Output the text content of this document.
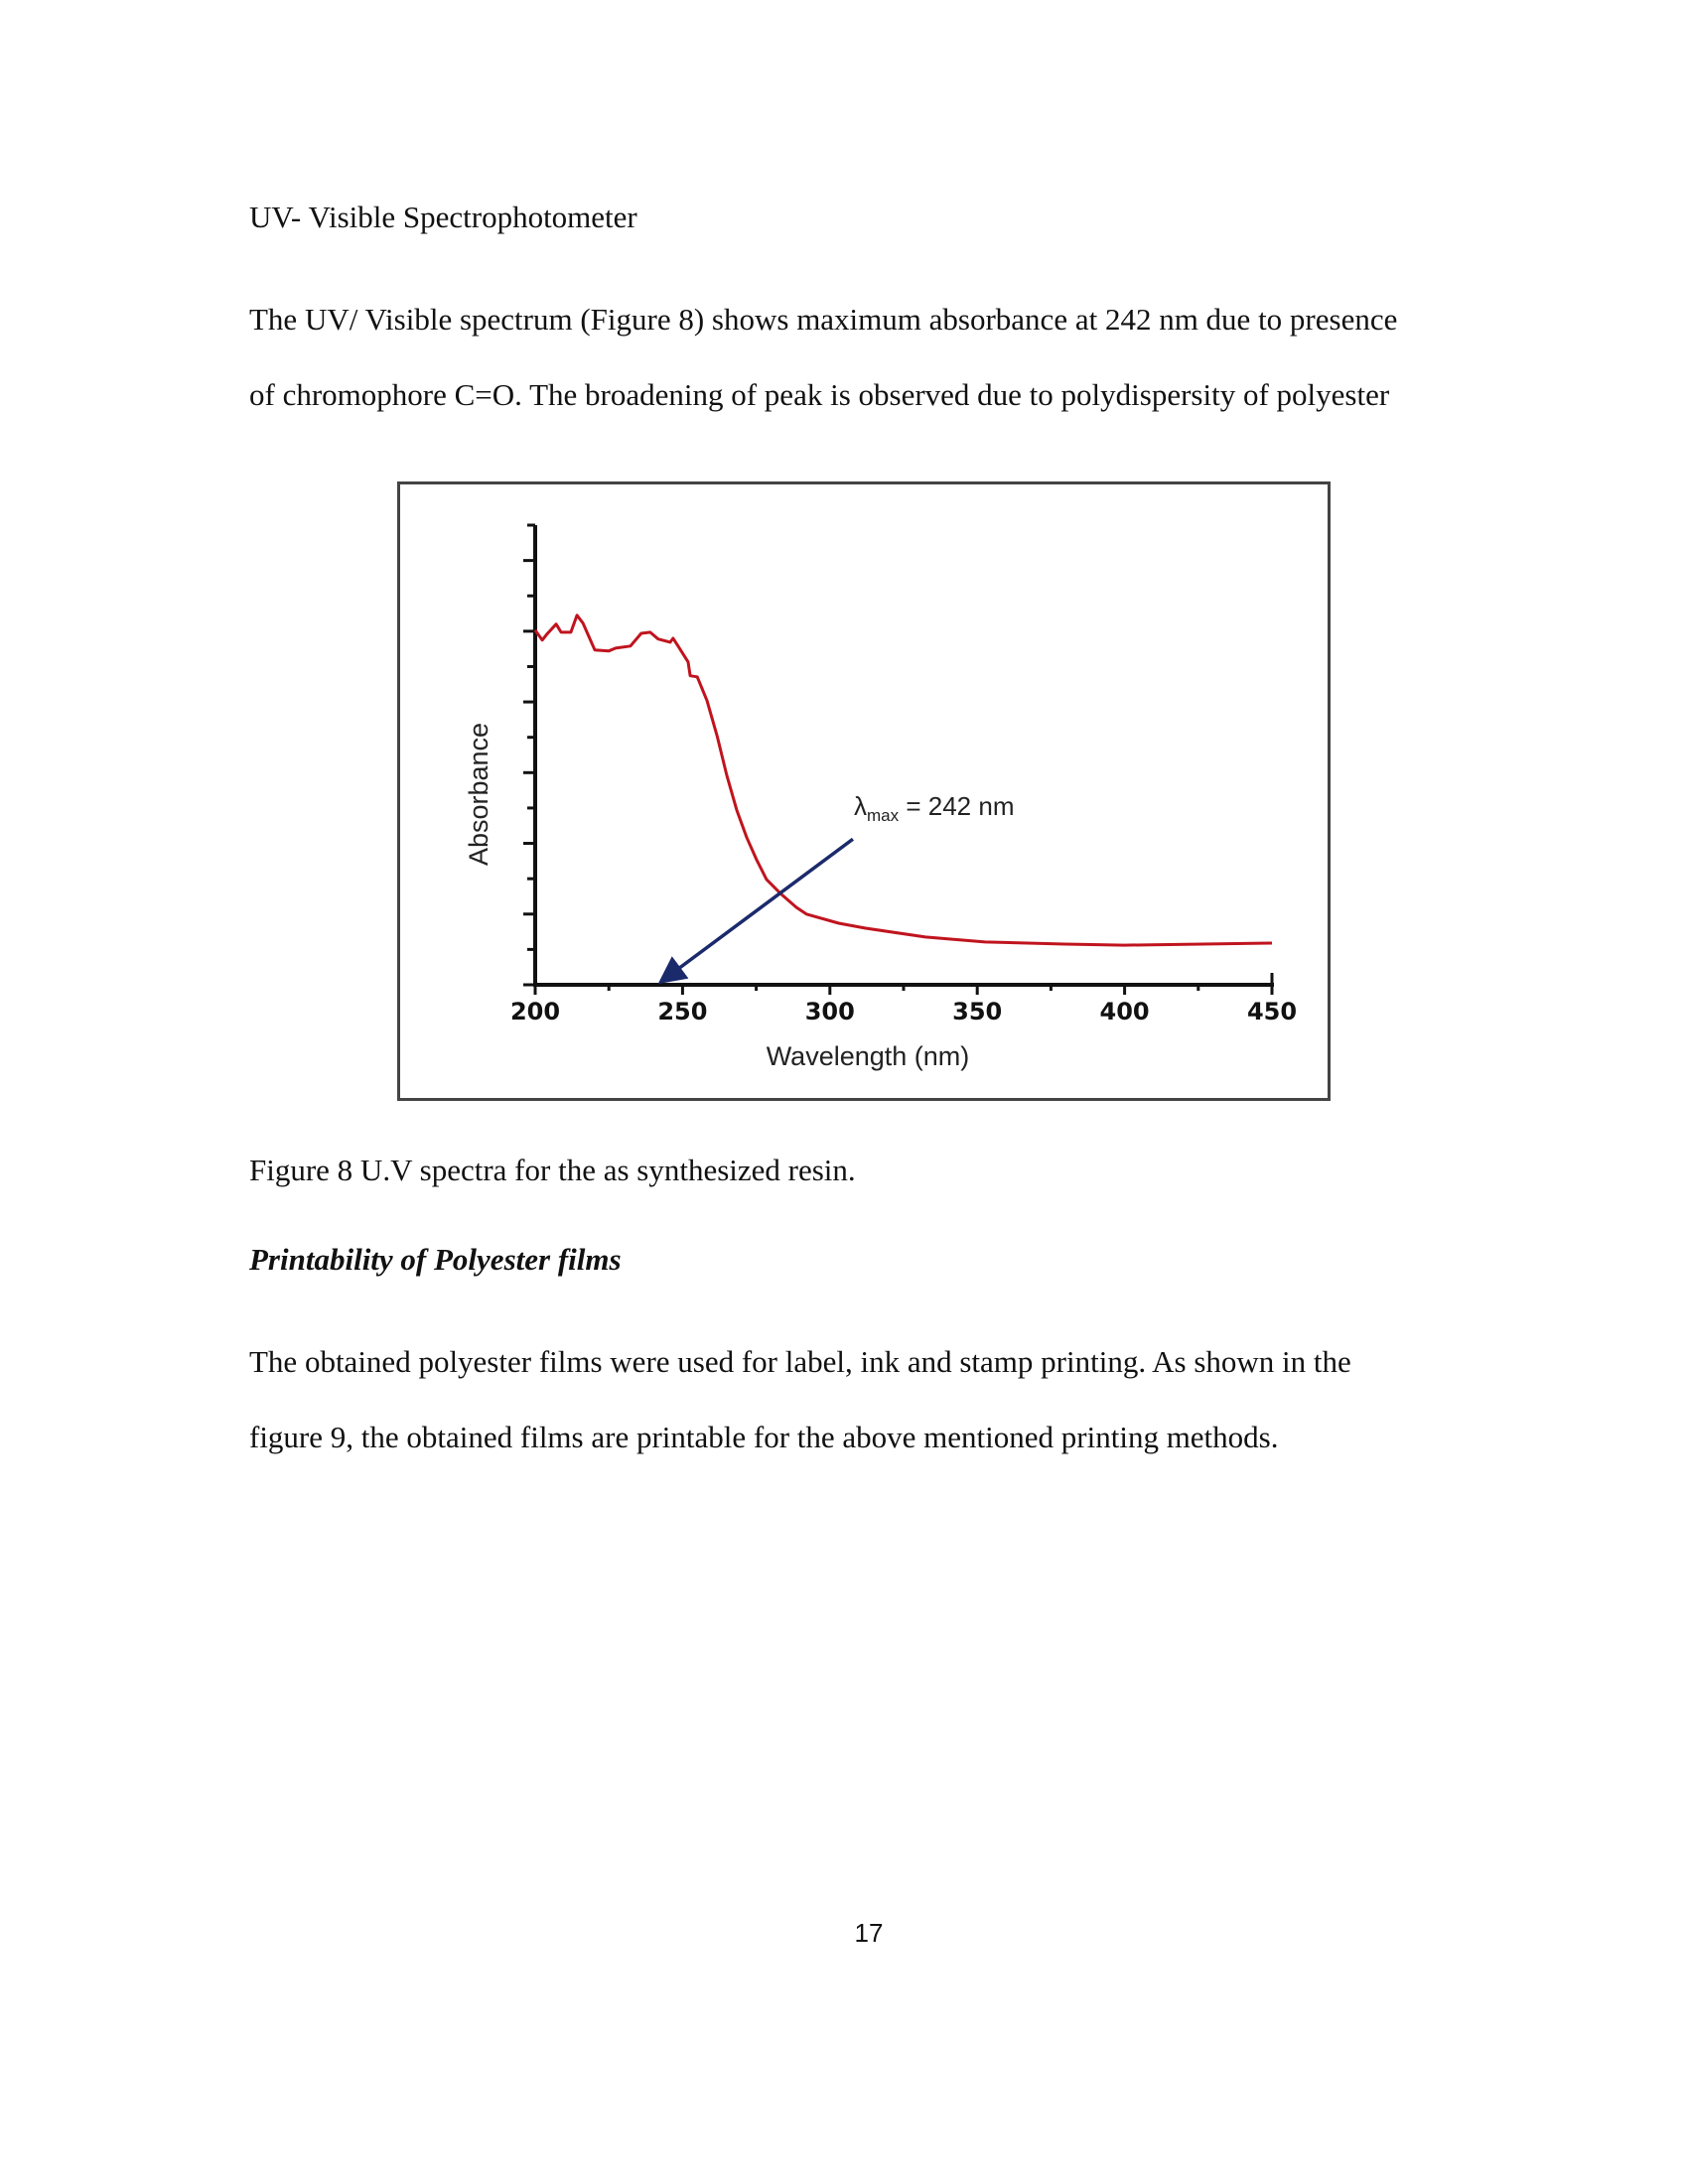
UV- Visible Spectrophotometer
The UV/ Visible spectrum (Figure 8) shows maximum absorbance at 242 nm due to presence
of chromophore C=O. The broadening of peak is observed due to polydispersity of polyester
200	250	300	350	400	450
$\lambda_{max} = 242$ nm
Wavelength (nm)
Absorbance
Figure 8 U.V spectra for the as synthesized resin.
Printability of Polyester films
The obtained polyester films were used for label, ink and stamp printing. As shown in the
figure 9, the obtained films are printable for the above mentioned printing methods.
17
